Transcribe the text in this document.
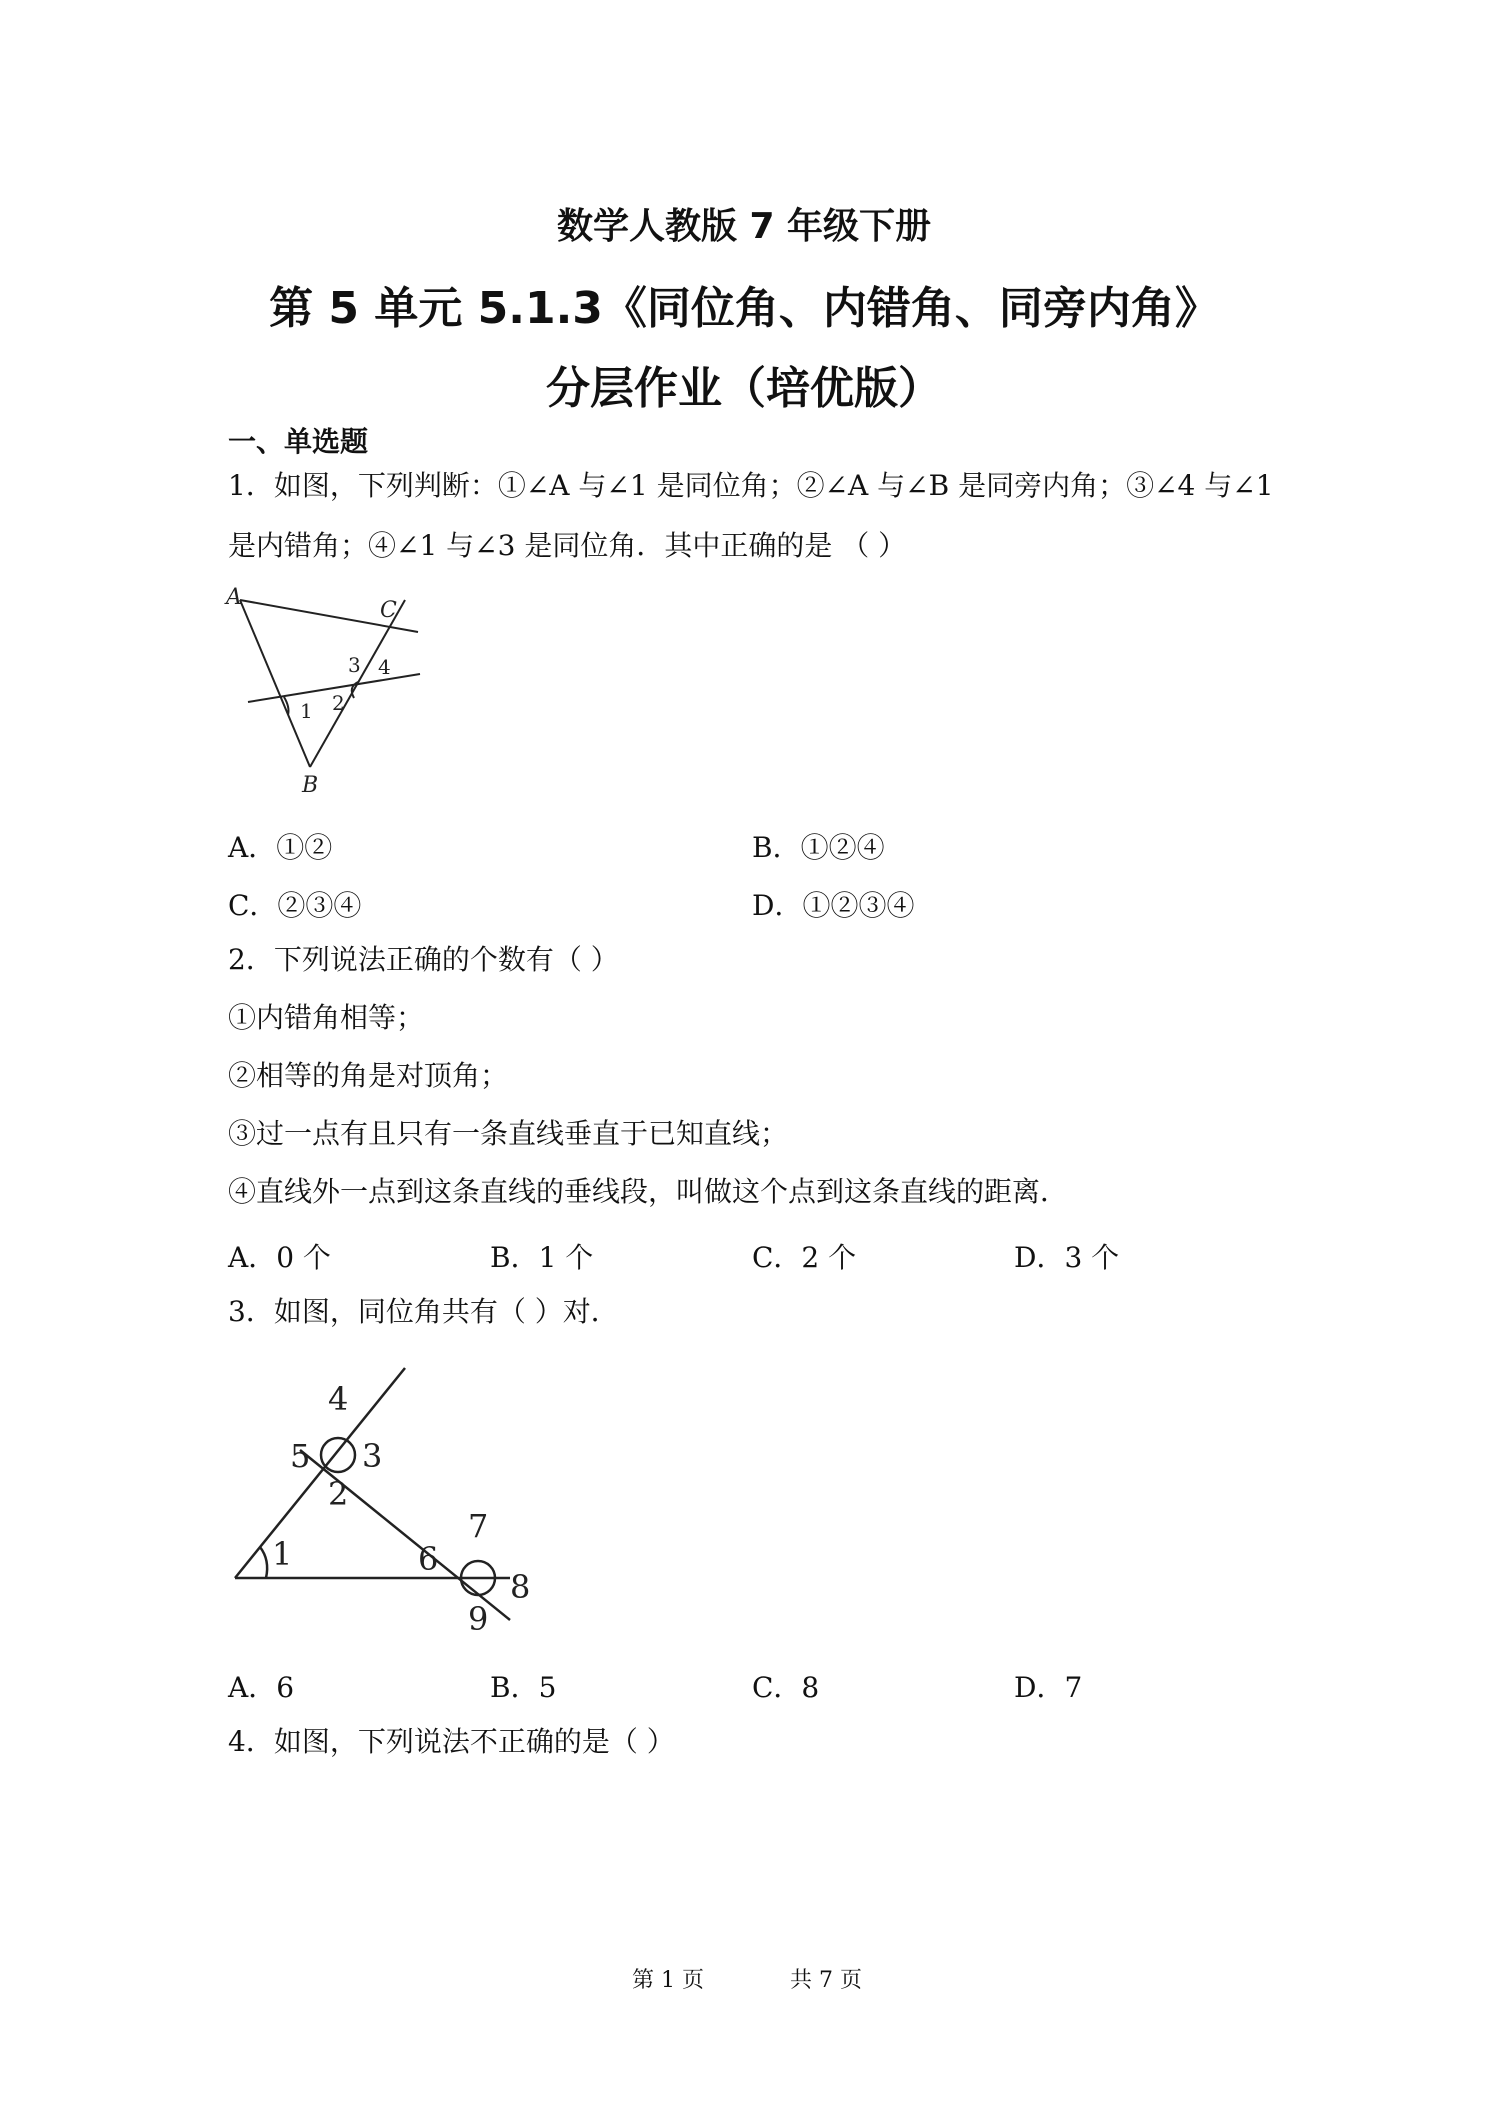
数学人教版 7 年级下册
第 5 单元 5.1.3《同位角、内错角、同旁内角》
分层作业（培优版）
一、单选题
1．如图，下列判断：①∠A 与∠1 是同位角；②∠A 与∠B 是同旁内角；③∠4 与∠1
是内错角；④∠1 与∠3 是同位角．其中正确的是 （ ）
A
C
B
3 4
1 2
A．①②	B．①②④
C．②③④	D．①②③④
2．下列说法正确的个数有（ ）
①内错角相等；
②相等的角是对顶角；
③过一点有且只有一条直线垂直于已知直线；
④直线外一点到这条直线的垂线段，叫做这个点到这条直线的距离．
A．0 个	B．1 个	C．2 个	D．3 个
3．如图，同位角共有（ ）对．
4
5 3
2
1	6
7
8
9
A．6	B．5	C．8	D．7
4．如图，下列说法不正确的是（ ）
第 1 页	共 7 页
